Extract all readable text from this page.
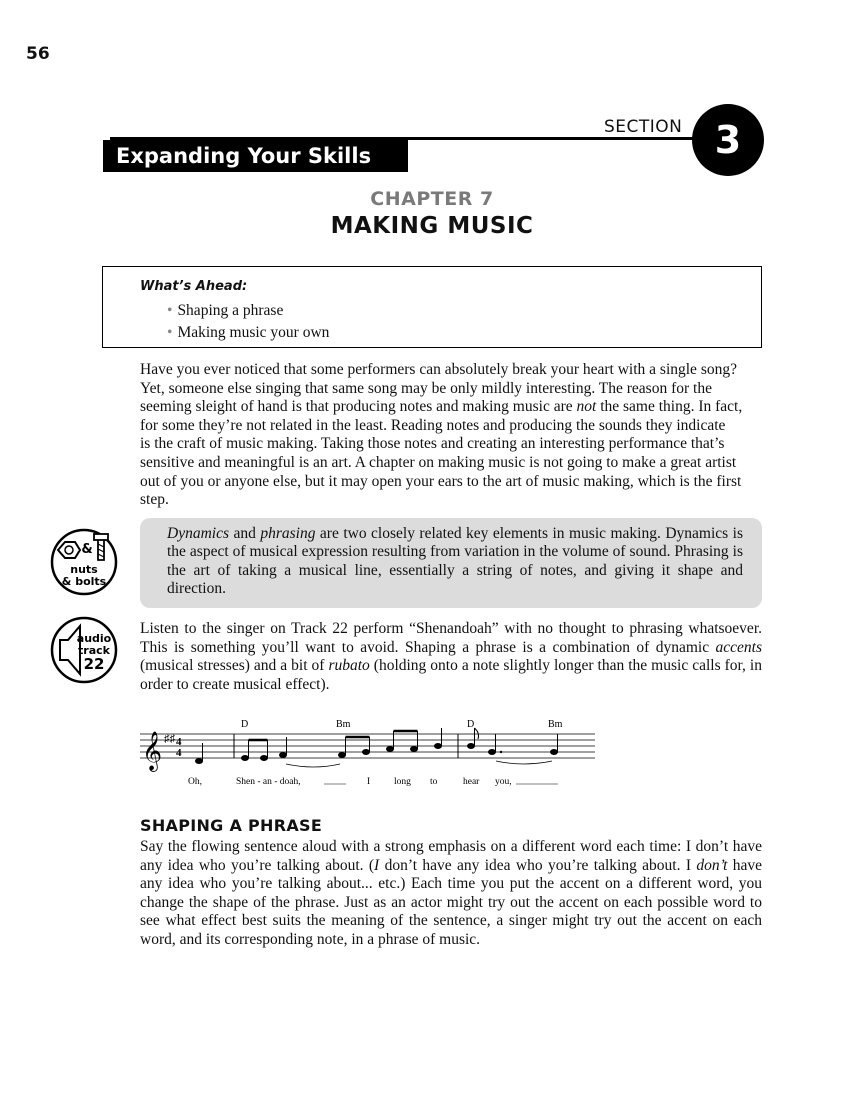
56
SECTION 3
Expanding Your Skills
CHAPTER 7
MAKING MUSIC
What’s Ahead:
• Shaping a phrase
• Making music your own
Have you ever noticed that some performers can absolutely break your heart with a single song?
Yet, someone else singing that same song may be only mildly interesting. The reason for the
seeming sleight of hand is that producing notes and making music are not the same thing. In fact,
for some they’re not related in the least. Reading notes and producing the sounds they indicate
is the craft of music making. Taking those notes and creating an interesting performance that’s
sensitive and meaningful is an art. A chapter on making music is not going to make a great artist
out of you or anyone else, but it may open your ears to the art of music making, which is the first
step.
&
nuts
& bolts
Dynamics and phrasing are two closely related key elements in music making. Dynamics is the aspect of musical expression resulting from variation in the volume of sound. Phrasing is the art of taking a musical line, essentially a string of notes, and giving it shape and direction.
audio
track
22
Listen to the singer on Track 22 perform “Shenandoah” with no thought to phrasing whatsoever. This is something you’ll want to avoid. Shaping a phrase is a combination of dynamic accents (musical stresses) and a bit of rubato (holding onto a note slightly longer than the music calls for, in order to create musical effect).
𝄞 ♯♯ 4
4
D	Bm	D	Bm
Oh,	Shen - an - doah,	I	long to	hear you,
SHAPING A PHRASE
Say the flowing sentence aloud with a strong emphasis on a different word each time: I don’t have any idea who you’re talking about. (I don’t have any idea who you’re talking about. I don’t have any idea who you’re talking about... etc.) Each time you put the accent on a different word, you change the shape of the phrase. Just as an actor might try out the accent on each possible word to see what effect best suits the meaning of the sentence, a singer might try out the accent on each word, and its corresponding note, in a phrase of music.
